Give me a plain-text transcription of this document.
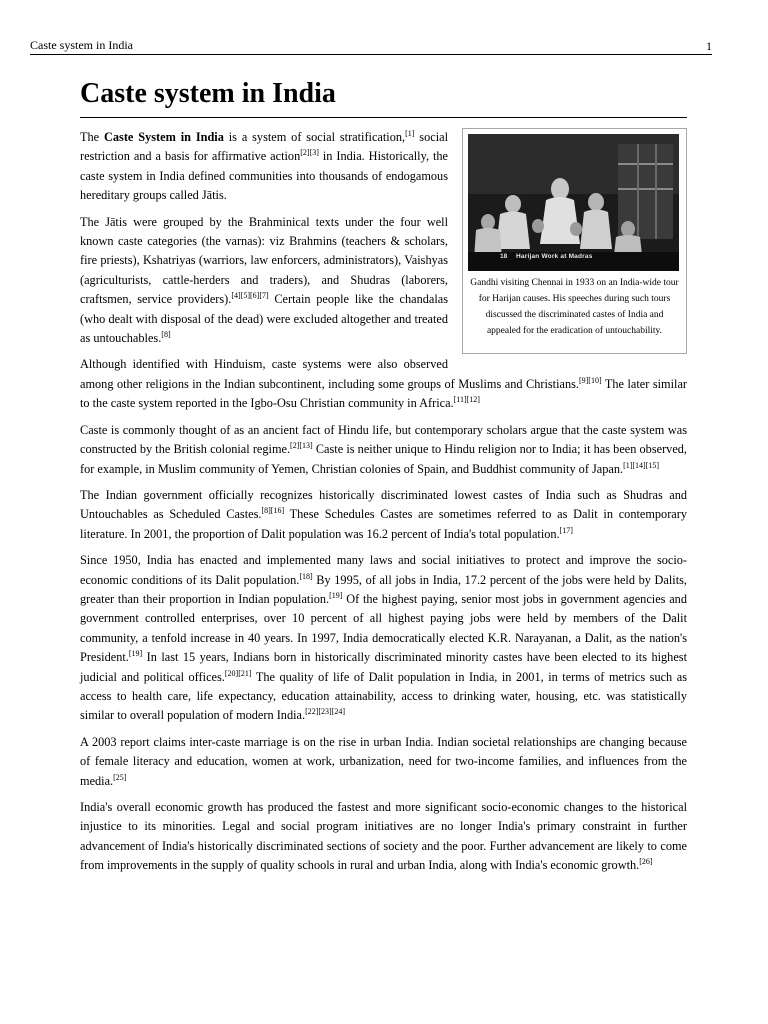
Caste system in India	1
Caste system in India
18 Harijan Work at Madras
Gandhi visiting Chennai in 1933 on an India-wide tour for Harijan causes. His speeches during such tours discussed the discriminated castes of India and appealed for the eradication of untouchability.

The Caste System in India is a system of social stratification,[1] social restriction and a basis for affirmative action[2][3] in India. Historically, the caste system in India defined communities into thousands of endogamous hereditary groups called Jātis.

The Jātis were grouped by the Brahminical texts under the four well known caste categories (the varnas): viz Brahmins (teachers & scholars, fire priests), Kshatriyas (warriors, law enforcers, administrators), Vaishyas (agriculturists, cattle-herders and traders), and Shudras (laborers, craftsmen, service providers).[4][5][6][7] Certain people like the chandalas (who dealt with disposal of the dead) were excluded altogether and treated as untouchables.[8]

Although identified with Hinduism, caste systems were also observed among other religions in the Indian subcontinent, including some groups of Muslims and Christians.[9][10] The later similar to the caste system reported in the Igbo-Osu Christian community in Africa.[11][12]

Caste is commonly thought of as an ancient fact of Hindu life, but contemporary scholars argue that the caste system was constructed by the British colonial regime.[2][13] Caste is neither unique to Hindu religion nor to India; it has been observed, for example, in Muslim community of Yemen, Christian colonies of Spain, and Buddhist community of Japan.[1][14][15]

The Indian government officially recognizes historically discriminated lowest castes of India such as Shudras and Untouchables as Scheduled Castes.[8][16] These Schedules Castes are sometimes referred to as Dalit in contemporary literature. In 2001, the proportion of Dalit population was 16.2 percent of India's total population.[17]

Since 1950, India has enacted and implemented many laws and social initiatives to protect and improve the socio-economic conditions of its Dalit population.[18] By 1995, of all jobs in India, 17.2 percent of the jobs were held by Dalits, greater than their proportion in Indian population.[19] Of the highest paying, senior most jobs in government agencies and government controlled enterprises, over 10 percent of all highest paying jobs were held by members of the Dalit community, a tenfold increase in 40 years. In 1997, India democratically elected K.R. Narayanan, a Dalit, as the nation's President.[19] In last 15 years, Indians born in historically discriminated minority castes have been elected to its highest judicial and political offices.[20][21] The quality of life of Dalit population in India, in 2001, in terms of metrics such as access to health care, life expectancy, education attainability, access to drinking water, housing, etc. was statistically similar to overall population of modern India.[22][23][24]

A 2003 report claims inter-caste marriage is on the rise in urban India. Indian societal relationships are changing because of female literacy and education, women at work, urbanization, need for two-income families, and influences from the media.[25]

India's overall economic growth has produced the fastest and more significant socio-economic changes to the historical injustice to its minorities. Legal and social program initiatives are no longer India's primary constraint in further advancement of India's historically discriminated sections of society and the poor. Further advancement are likely to come from improvements in the supply of quality schools in rural and urban India, along with India's economic growth.[26]
